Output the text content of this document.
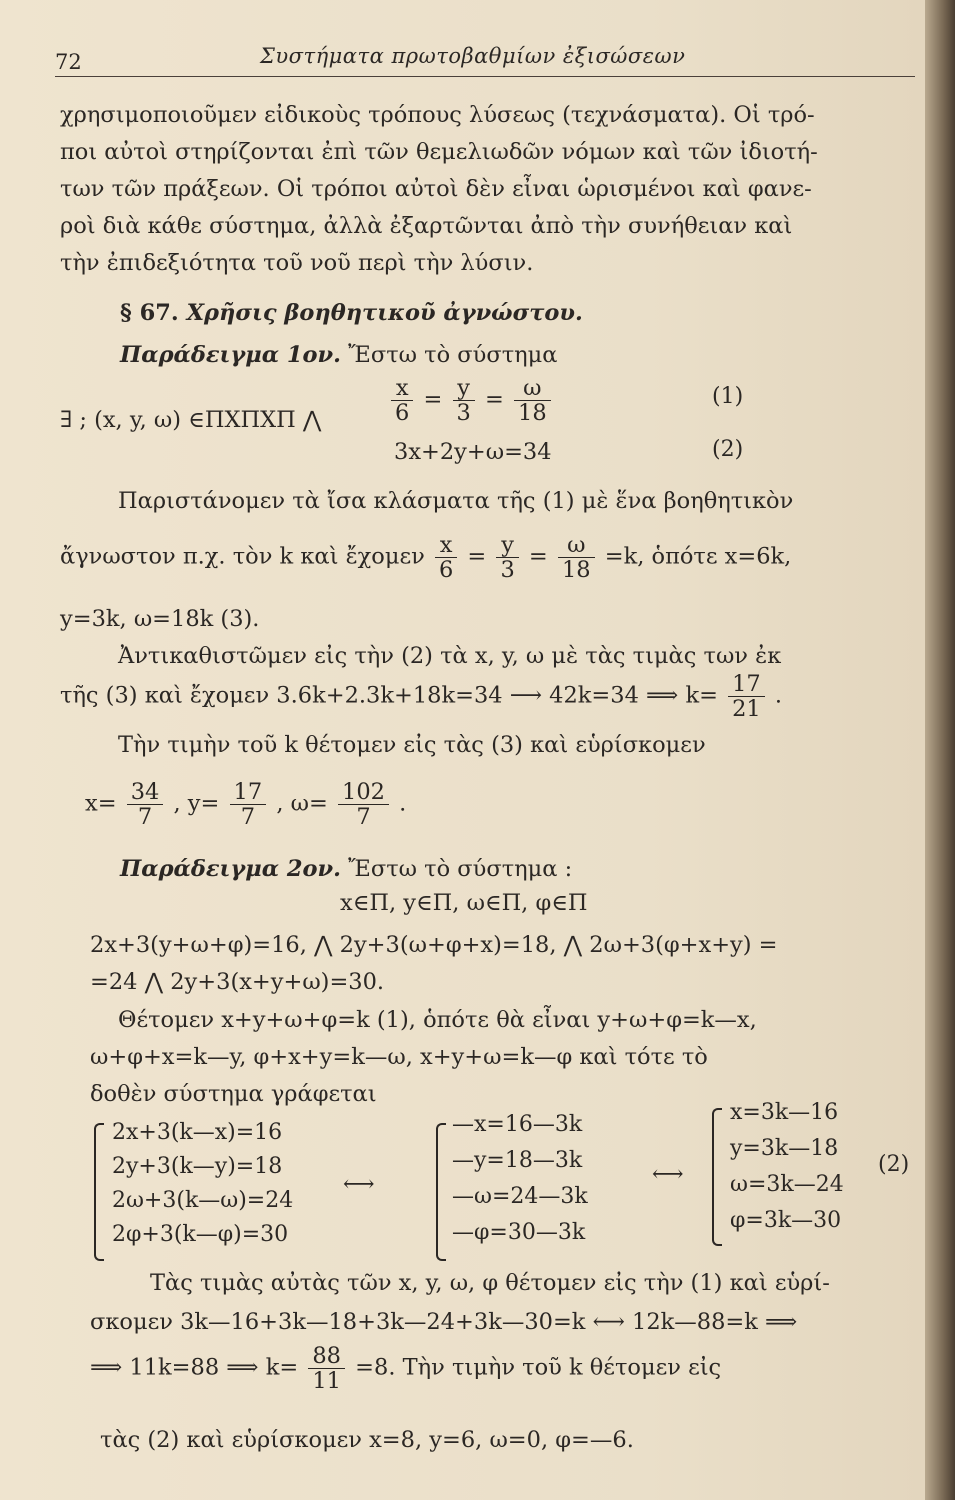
72	Συστήματα πρωτοβαθμίων ἐξισώσεων
χρησιμοποιοῦμεν εἰδικοὺς τρόπους λύσεως (τεχνάσματα). Οἱ τρό-
ποι αὐτοὶ στηρίζονται ἐπὶ τῶν θεμελιωδῶν νόμων καὶ τῶν ἰδιοτή-
των τῶν πράξεων. Οἱ τρόποι αὐτοὶ δὲν εἶναι ὡρισμένοι καὶ φανε-
ροὶ διὰ κάθε σύστημα, ἀλλὰ ἐξαρτῶνται ἀπὸ τὴν συνήθειαν καὶ
τὴν ἐπιδεξιότητα τοῦ νοῦ περὶ τὴν λύσιν.
§ 67. Χρῆσις βοηθητικοῦ ἀγνώστου.
Παράδειγμα 1ον. Ἔστω τὸ σύστημα
∃ ; (x, y, ω) ∈ΠΧΠΧΠ ⋀	$\frac{x}{6} = \frac{y}{3} = \frac{\omega}{18}$	(1)
3x+2y+ω=34	(2)
Παριστάνομεν τὰ ἴσα κλάσματα τῆς (1) μὲ ἕνα βοηθητικὸν
ἄγνωστον π.χ. τὸν k καὶ ἔχομεν $\frac{x}{6} = \frac{y}{3} = \frac{\omega}{18} =k$, ὁπότε x=6k,
y=3k, ω=18k (3).
Ἀντικαθιστῶμεν εἰς τὴν (2) τὰ x, y, ω μὲ τὰς τιμὰς των ἐκ
τῆς (3) καὶ ἔχομεν 3.6k+2.3k+18k=34 ⟶ 42k=34 ⟹ $k= \frac{17}{21}$ .
Τὴν τιμὴν τοῦ k θέτομεν εἰς τὰς (3) καὶ εὑρίσκομεν
$x= \frac{34}{7}$ , $y= \frac{17}{7}$ , $\omega= \frac{102}{7}$ .
Παράδειγμα 2ον. Ἔστω τὸ σύστημα :
x∈Π, y∈Π, ω∈Π, φ∈Π
2x+3(y+ω+φ)=16, ⋀ 2y+3(ω+φ+x)=18, ⋀ 2ω+3(φ+x+y) =
=24 ⋀ 2y+3(x+y+ω)=30.
Θέτομεν x+y+ω+φ=k (1), ὁπότε θὰ εἶναι y+ω+φ=k—x,
ω+φ+x=k—y, φ+x+y=k—ω, x+y+ω=k—φ καὶ τότε τὸ
δοθὲν σύστημα γράφεται
2x+3(k—x)=16
2y+3(k—y)=18
2ω+3(k—ω)=24
2φ+3(k—φ)=30
⟷
—x=16—3k
—y=18—3k
—ω=24—3k
—φ=30—3k
⟷
x=3k—16
y=3k—18
ω=3k—24
φ=3k—30
(2)
Τὰς τιμὰς αὐτὰς τῶν x, y, ω, φ θέτομεν εἰς τὴν (1) καὶ εὑρί-
σκομεν 3k—16+3k—18+3k—24+3k—30=k ⟷ 12k—88=k ⟹
⟹ 11k=88 ⟹ $k= \frac{88}{11} =8$. Τὴν τιμὴν τοῦ k θέτομεν εἰς
τὰς (2) καὶ εὑρίσκομεν x=8, y=6, ω=0, φ=—6.
